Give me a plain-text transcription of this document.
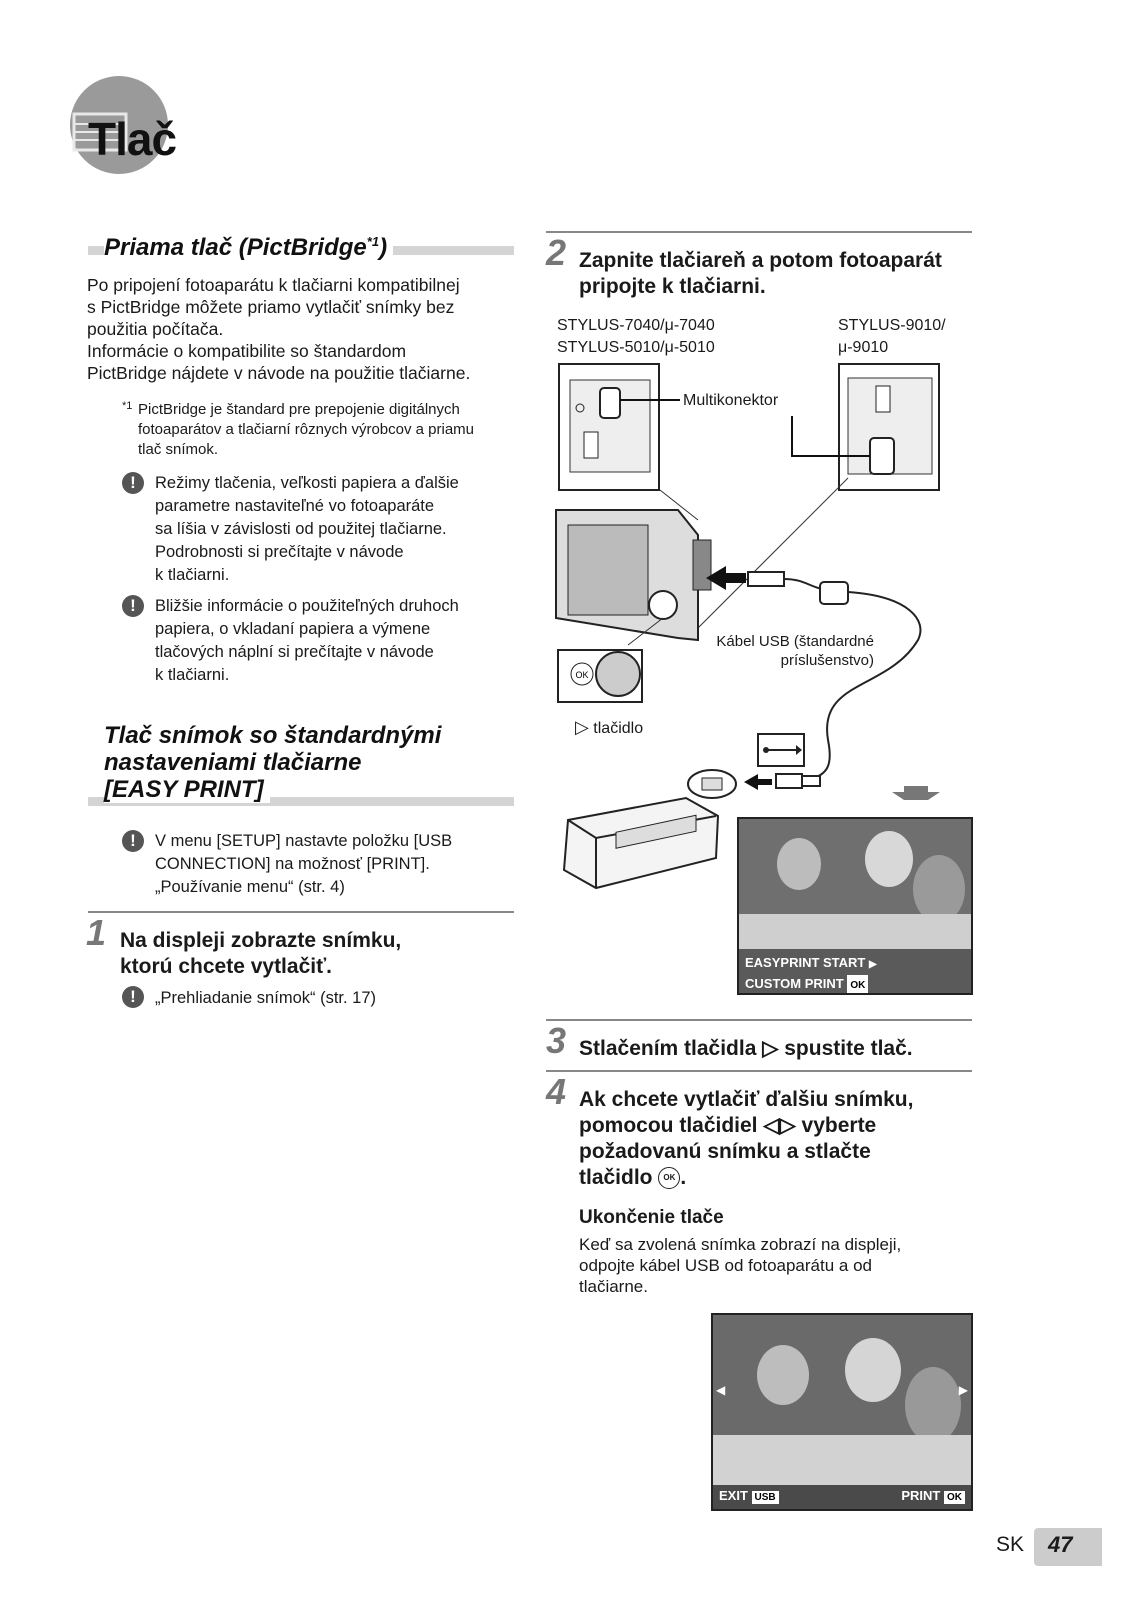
Tlač
Priama tlač (PictBridge$^{*1}$)
Po pripojení fotoaparátu k tlačiarni kompatibilnej
s PictBridge môžete priamo vytlačiť snímky bez
použitia počítača.
Informácie o kompatibilite so štandardom
PictBridge nájdete v návode na použitie tlačiarne.
*1 PictBridge je štandard pre prepojenie digitálnych
fotoaparátov a tlačiarní rôznych výrobcov a priamu
tlač snímok.
!	Režimy tlačenia, veľkosti papiera a ďalšie
parametre nastaviteľné vo fotoaparáte
sa líšia v závislosti od použitej tlačiarne.
Podrobnosti si prečítajte v návode
k tlačiarni.
!	Bližšie informácie o použiteľných druhoch
papiera, o vkladaní papiera a výmene
tlačových náplní si prečítajte v návode
k tlačiarni.
Tlač snímok so štandardnými
nastaveniami tlačiarne
[EASY PRINT]
!	V menu [SETUP] nastavte položku [USB
CONNECTION] na možnosť [PRINT].
„Používanie menu“ (str. 4)
1 Na displeji zobrazte snímku,
ktorú chcete vytlačiť.
!	„Prehliadanie snímok“ (str. 17)
2 Zapnite tlačiareň a potom fotoaparát
pripojte k tlačiarni.
STYLUS-7040/μ-7040
STYLUS-5010/μ-5010
STYLUS-9010/
μ-9010
OK
Multikonektor
Kábel USB (štandardné
príslušenstvo)
▷ tlačidlo
EASYPRINT START ▶
CUSTOM PRINT OK
3 Stlačením tlačidla ▷ spustite tlač.
4 Ak chcete vytlačiť ďalšiu snímku,
pomocou tlačidiel ◁▷ vyberte
požadovanú snímku a stlačte
tlačidlo OK .
Ukončenie tlače
Keď sa zvolená snímka zobrazí na displeji,
odpojte kábel USB od fotoaparátu a od
tlačiarne.
◀	▶
EXIT USB	PRINT OK
SK 47
